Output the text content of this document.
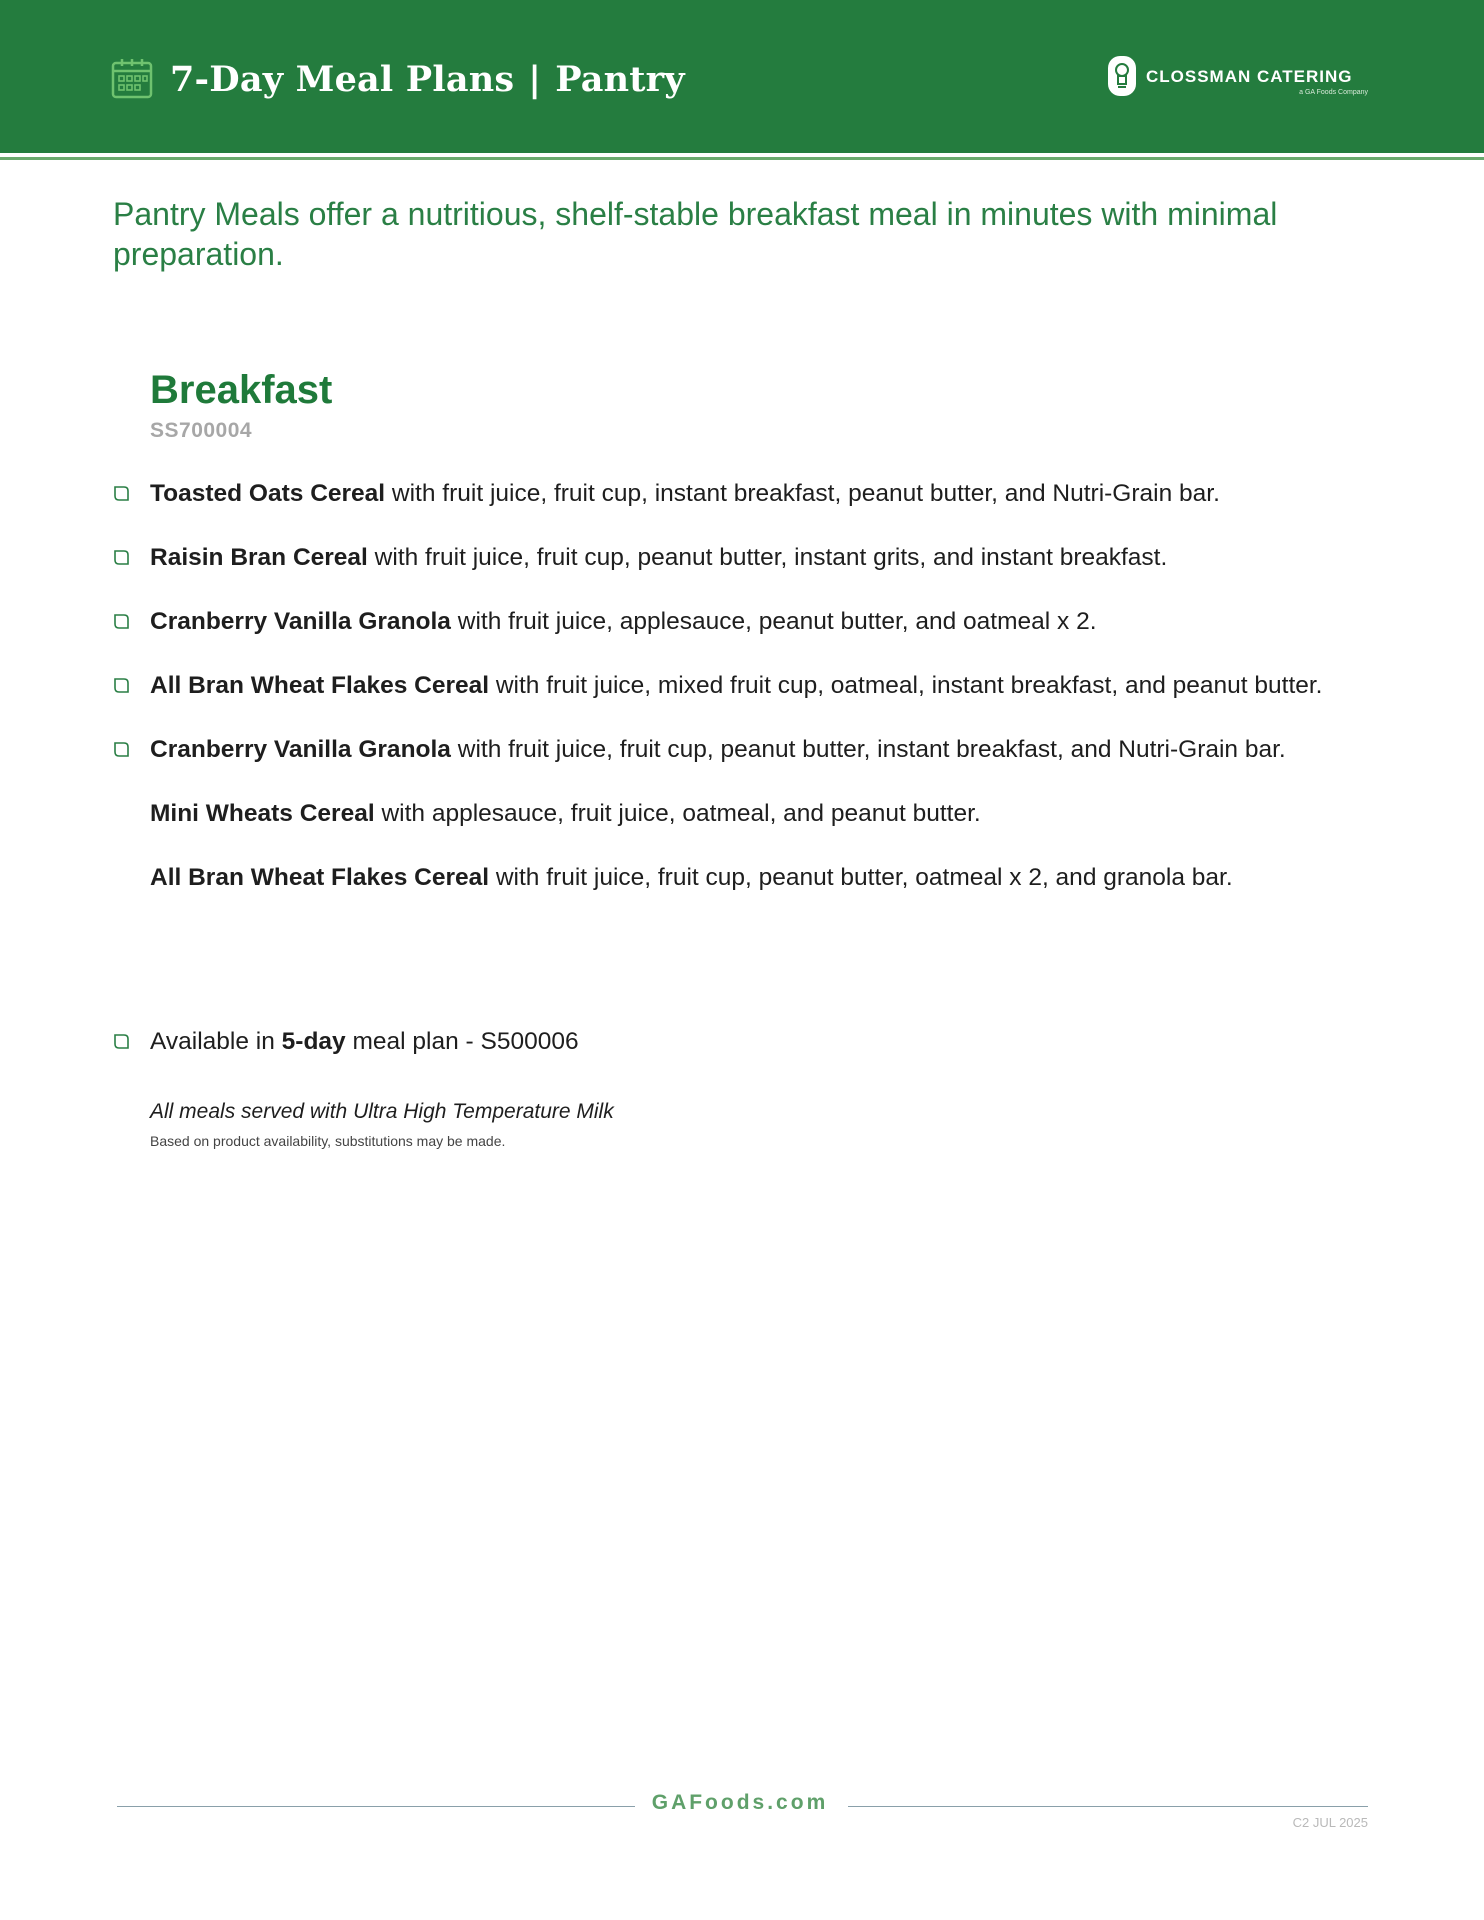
7-Day Meal Plans | Pantry	CLOSSMAN CATERING
a GA Foods Company
Pantry Meals offer a nutritious, shelf-stable breakfast meal in minutes with minimal preparation.
Breakfast
SS700004
Toasted Oats Cereal with fruit juice, fruit cup, instant breakfast, peanut butter, and Nutri-Grain bar.
Raisin Bran Cereal with fruit juice, fruit cup, peanut butter, instant grits, and instant breakfast.
Cranberry Vanilla Granola with fruit juice, applesauce, peanut butter, and oatmeal x 2.
All Bran Wheat Flakes Cereal with fruit juice, mixed fruit cup, oatmeal, instant breakfast, and peanut butter.
Cranberry Vanilla Granola with fruit juice, fruit cup, peanut butter, instant breakfast, and Nutri-Grain bar.
Mini Wheats Cereal with applesauce, fruit juice, oatmeal, and peanut butter.
All Bran Wheat Flakes Cereal with fruit juice, fruit cup, peanut butter, oatmeal x 2, and granola bar.
Available in 5-day meal plan - S500006
All meals served with Ultra High Temperature Milk
Based on product availability, substitutions may be made.
GAFoods.com
C2 JUL 2025
